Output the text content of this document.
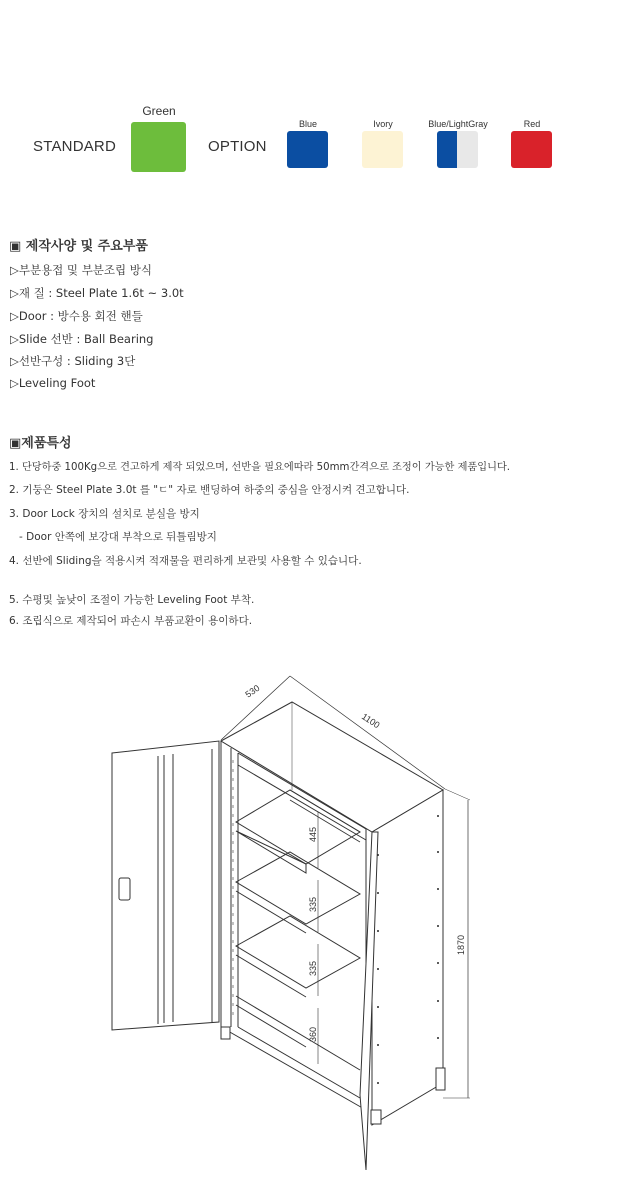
STANDARD
Green
OPTION
Blue	Ivory	Blue/LightGray	Red
▣ 제작사양 및 주요부품
▷부분용접 및 부분조립 방식
▷재 질 : Steel Plate 1.6t ~ 3.0t
▷Door : 방수용 회전 핸들
▷Slide 선반 : Ball Bearing
▷선반구성 : Sliding 3단
▷Leveling Foot
▣제품특성
1. 단당하중 100Kg으로 견고하게 제작 되었으며, 선반을 필요에따라 50mm간격으로 조정이 가능한 제품입니다.
2. 기둥은 Steel Plate 3.0t 를 "ㄷ" 자로 밴딩하여 하중의 중심을 안정시켜 견고합니다.
3. Door Lock 장치의 설치로 분실을 방지
- Door 안쪽에 보강대 부착으로 뒤틀림방지
4. 선반에 Sliding을 적용시켜 적재물을 편리하게 보관및 사용할 수 있습니다.
5. 수평및 높낮이 조절이 가능한 Leveling Foot 부착.
6. 조립식으로 제작되어 파손시 부품교환이 용이하다.
530
1100
1870
445
335
335
360
